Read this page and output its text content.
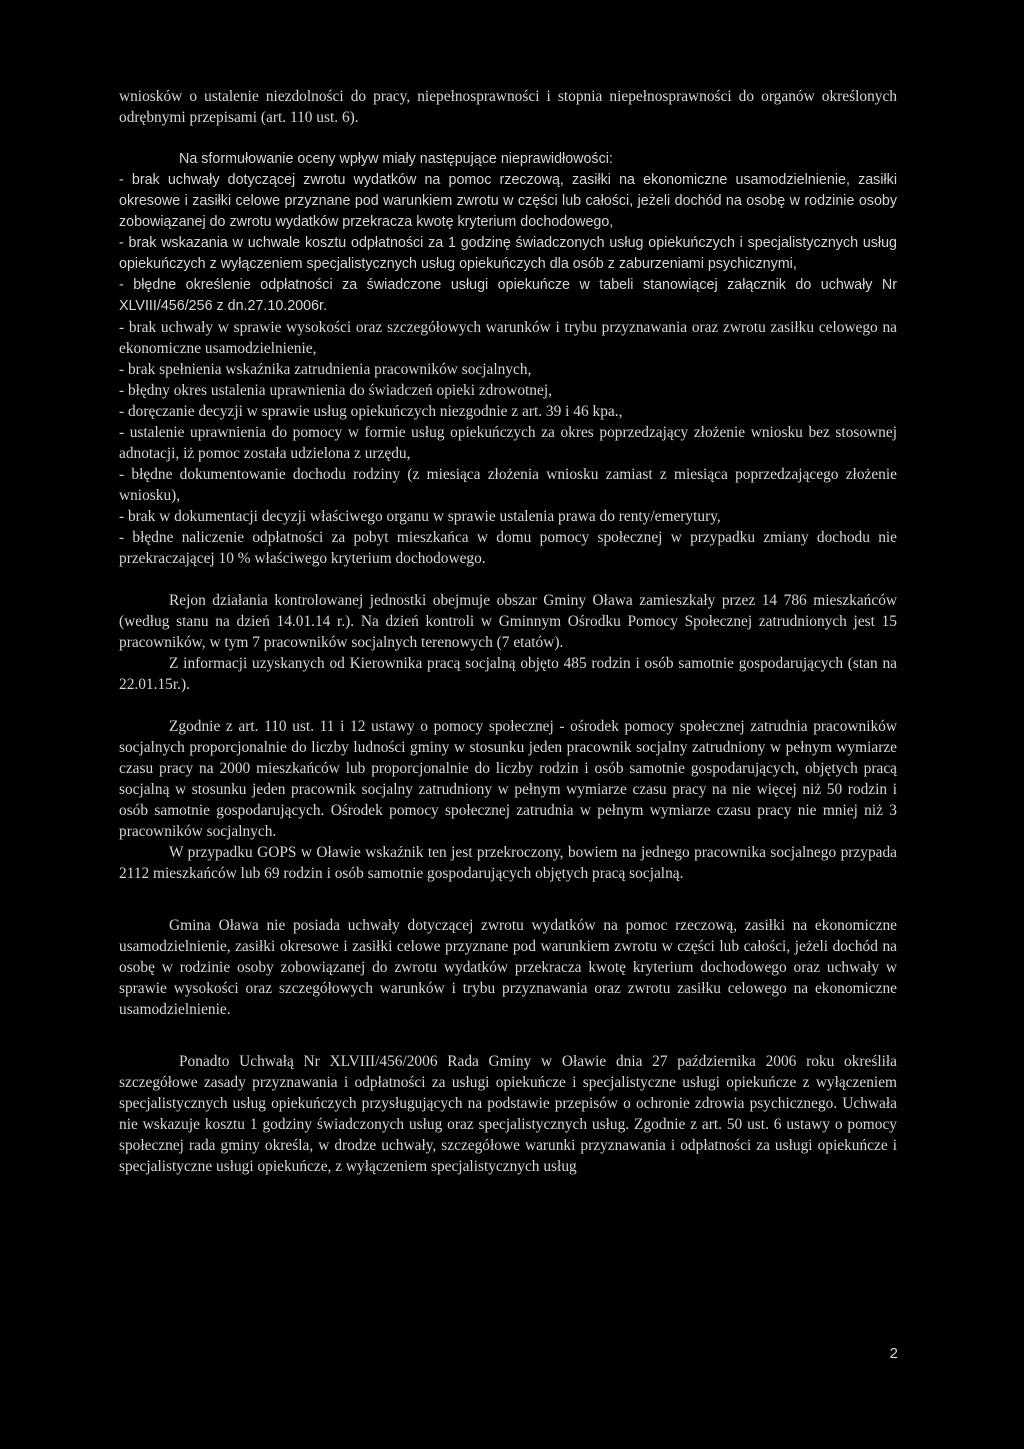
wniosków o ustalenie niezdolności do pracy, niepełnosprawności i stopnia niepełnosprawności do organów określonych odrębnymi przepisami (art. 110 ust. 6).

Na sformułowanie oceny wpływ miały następujące nieprawidłowości:

- brak uchwały dotyczącej zwrotu wydatków na pomoc rzeczową, zasiłki na ekonomiczne usamodzielnienie, zasiłki okresowe i zasiłki celowe przyznane pod warunkiem zwrotu w części lub całości, jeżeli dochód na osobę w rodzinie osoby zobowiązanej do zwrotu wydatków przekracza kwotę kryterium dochodowego,

- brak wskazania w uchwale kosztu odpłatności za 1 godzinę świadczonych usług opiekuńczych i specjalistycznych usług opiekuńczych z wyłączeniem specjalistycznych usług opiekuńczych dla osób z zaburzeniami psychicznymi,

- błędne określenie odpłatności za świadczone usługi opiekuńcze w tabeli stanowiącej załącznik do uchwały Nr XLVIII/456/256 z dn.27.10.2006r.

- brak uchwały w sprawie wysokości oraz szczegółowych warunków i trybu przyznawania oraz zwrotu zasiłku celowego na ekonomiczne usamodzielnienie,

- brak spełnienia wskaźnika zatrudnienia pracowników socjalnych,

- błędny okres ustalenia uprawnienia do świadczeń opieki zdrowotnej,

- doręczanie decyzji w sprawie usług opiekuńczych niezgodnie z art. 39 i 46 kpa.,

- ustalenie uprawnienia do pomocy w formie usług opiekuńczych za okres poprzedzający złożenie wniosku bez stosownej adnotacji, iż pomoc została udzielona z urzędu,

- błędne dokumentowanie dochodu rodziny (z miesiąca złożenia wniosku zamiast z miesiąca poprzedzającego złożenie wniosku),

- brak w dokumentacji decyzji właściwego organu w sprawie ustalenia prawa do renty/emerytury,

- błędne naliczenie odpłatności za pobyt mieszkańca w domu pomocy społecznej w przypadku zmiany dochodu nie przekraczającej 10 % właściwego kryterium dochodowego.

Rejon działania kontrolowanej jednostki obejmuje obszar Gminy Oława zamieszkały przez 14 786 mieszkańców (według stanu na dzień 14.01.14 r.). Na dzień kontroli w Gminnym Ośrodku Pomocy Społecznej zatrudnionych jest 15 pracowników, w tym 7 pracowników socjalnych terenowych (7 etatów).

Z informacji uzyskanych od Kierownika pracą socjalną objęto 485 rodzin i osób samotnie gospodarujących (stan na 22.01.15r.).

Zgodnie z art. 110 ust. 11 i 12 ustawy o pomocy społecznej - ośrodek pomocy społecznej zatrudnia pracowników socjalnych proporcjonalnie do liczby ludności gminy w stosunku jeden pracownik socjalny zatrudniony w pełnym wymiarze czasu pracy na 2000 mieszkańców lub proporcjonalnie do liczby rodzin i osób samotnie gospodarujących, objętych pracą socjalną w stosunku jeden pracownik socjalny zatrudniony w pełnym wymiarze czasu pracy na nie więcej niż 50 rodzin i osób samotnie gospodarujących. Ośrodek pomocy społecznej zatrudnia w pełnym wymiarze czasu pracy nie mniej niż 3 pracowników socjalnych.

W przypadku GOPS w Oławie wskaźnik ten jest przekroczony, bowiem na jednego pracownika socjalnego przypada 2112 mieszkańców lub 69 rodzin i osób samotnie gospodarujących objętych pracą socjalną.

Gmina Oława nie posiada uchwały dotyczącej zwrotu wydatków na pomoc rzeczową, zasiłki na ekonomiczne usamodzielnienie, zasiłki okresowe i zasiłki celowe przyznane pod warunkiem zwrotu w części lub całości, jeżeli dochód na osobę w rodzinie osoby zobowiązanej do zwrotu wydatków przekracza kwotę kryterium dochodowego oraz uchwały w sprawie wysokości oraz szczegółowych warunków i trybu przyznawania oraz zwrotu zasiłku celowego na ekonomiczne usamodzielnienie.

Ponadto Uchwałą Nr XLVIII/456/2006 Rada Gminy w Oławie dnia 27 października 2006 roku określiła szczegółowe zasady przyznawania i odpłatności za usługi opiekuńcze i specjalistyczne usługi opiekuńcze z wyłączeniem specjalistycznych usług opiekuńczych przysługujących na podstawie przepisów o ochronie zdrowia psychicznego. Uchwała nie wskazuje kosztu 1 godziny świadczonych usług oraz specjalistycznych usług. Zgodnie z art. 50 ust. 6 ustawy o pomocy społecznej rada gminy określa, w drodze uchwały, szczegółowe warunki przyznawania i odpłatności za usługi opiekuńcze i specjalistyczne usługi opiekuńcze, z wyłączeniem specjalistycznych usług

2
